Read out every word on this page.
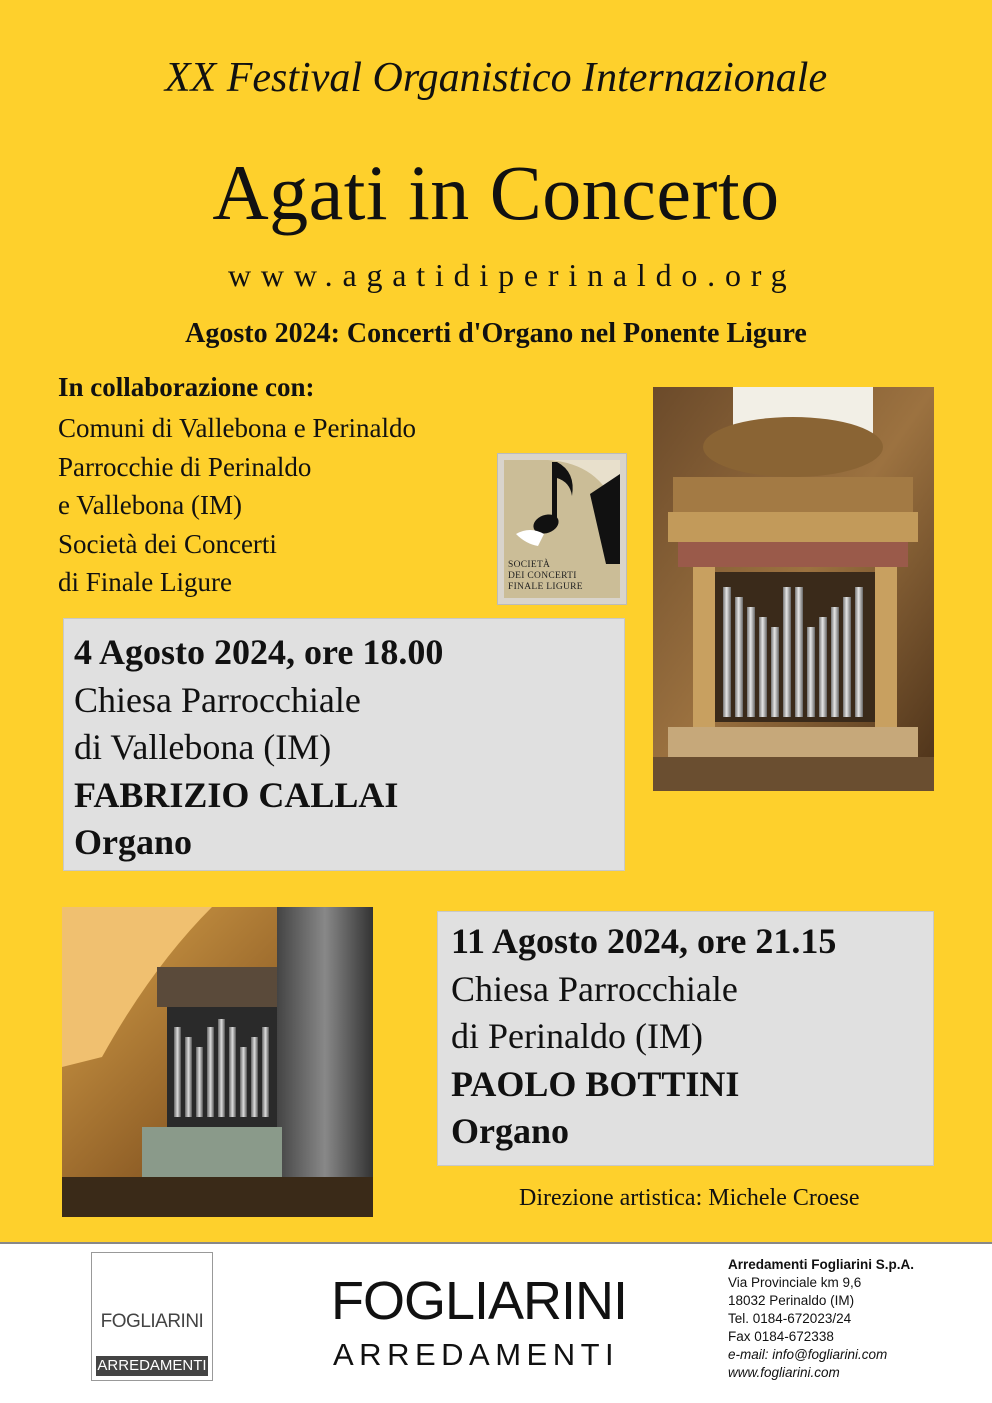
XX Festival Organistico Internazionale
Agati in Concerto
www.agatidiperinaldo.org
Agosto 2024: Concerti d'Organo nel Ponente Ligure
In collaborazione con:
Comuni di Vallebona e Perinaldo
Parrocchie di Perinaldo
e Vallebona (IM)
Società dei Concerti
di Finale Ligure
SOCIETÀ
DEI CONCERTI
FINALE LIGURE
4 Agosto 2024, ore 18.00
Chiesa Parrocchiale
di Vallebona (IM)
FABRIZIO CALLAI
Organo
11 Agosto 2024, ore 21.15
Chiesa Parrocchiale
di Perinaldo (IM)
PAOLO BOTTINI
Organo
Direzione artistica: Michele Croese
FOGLIARINI
ARREDAMENTI
FOGLIARINI
ARREDAMENTI
Arredamenti Fogliarini S.p.A.
Via Provinciale km 9,6
18032 Perinaldo (IM)
Tel. 0184-672023/24
Fax 0184-672338
e-mail: info@fogliarini.com
www.fogliarini.com
